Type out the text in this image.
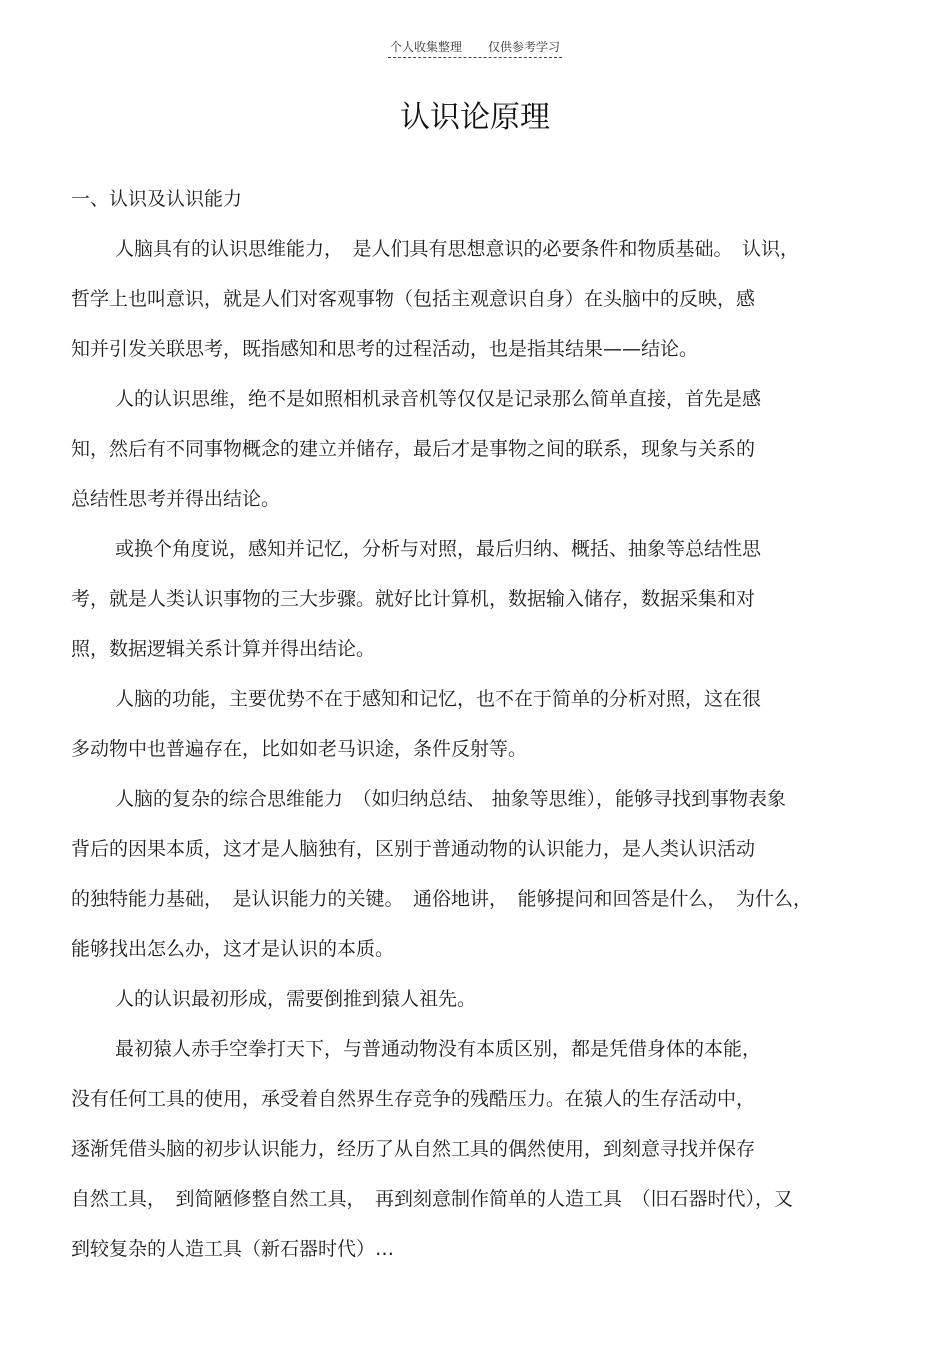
个人收集整理 仅供参考学习
认识论原理
一、认识及认识能力
人脑具有的认识思维能力，　是人们具有思想意识的必要条件和物质基础。　认识，
哲学上也叫意识，就是人们对客观事物（包括主观意识自身）在头脑中的反映，感
知并引发关联思考，既指感知和思考的过程活动，也是指其结果——结论。
人的认识思维，绝不是如照相机录音机等仅仅是记录那么简单直接，首先是感
知，然后有不同事物概念的建立并储存，最后才是事物之间的联系，现象与关系的
总结性思考并得出结论。
或换个角度说，感知并记忆，分析与对照，最后归纳、概括、抽象等总结性思
考，就是人类认识事物的三大步骤。就好比计算机，数据输入储存，数据采集和对
照，数据逻辑关系计算并得出结论。
人脑的功能，主要优势不在于感知和记忆，也不在于简单的分析对照，这在很
多动物中也普遍存在，比如如老马识途，条件反射等。
人脑的复杂的综合思维能力　（如归纳总结、 抽象等思维），能够寻找到事物表象
背后的因果本质，这才是人脑独有，区别于普通动物的认识能力，是人类认识活动
的独特能力基础，　是认识能力的关键。　通俗地讲，　能够提问和回答是什么，　为什么，
能够找出怎么办，这才是认识的本质。
人的认识最初形成，需要倒推到猿人祖先。
最初猿人赤手空拳打天下，与普通动物没有本质区别，都是凭借身体的本能，
没有任何工具的使用，承受着自然界生存竞争的残酷压力。在猿人的生存活动中，
逐渐凭借头脑的初步认识能力，经历了从自然工具的偶然使用，到刻意寻找并保存
自然工具，　到简陋修整自然工具，　再到刻意制作简单的人造工具　（旧石器时代），又
到较复杂的人造工具（新石器时代）…
